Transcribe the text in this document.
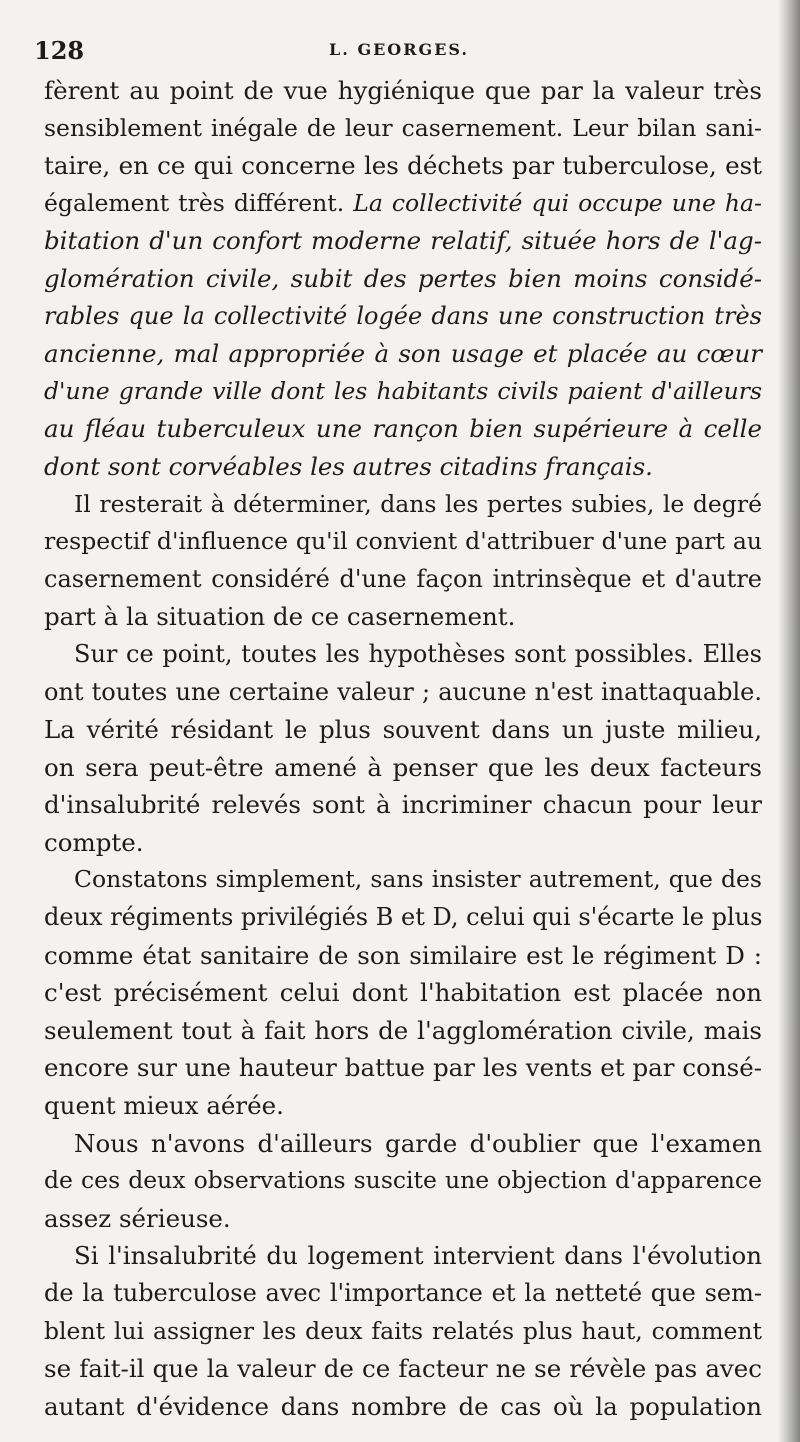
128	L. GEORGES.
fèrent au point de vue hygiénique que par la valeur très
sensiblement inégale de leur casernement. Leur bilan sani-
taire, en ce qui concerne les déchets par tuberculose, est
également très différent. La collectivité qui occupe une ha-
bitation d'un confort moderne relatif, située hors de l'ag-
glomération civile, subit des pertes bien moins considé-
rables que la collectivité logée dans une construction très
ancienne, mal appropriée à son usage et placée au cœur
d'une grande ville dont les habitants civils paient d'ailleurs
au fléau tuberculeux une rançon bien supérieure à celle
dont sont corvéables les autres citadins français.
Il resterait à déterminer, dans les pertes subies, le degré
respectif d'influence qu'il convient d'attribuer d'une part au
casernement considéré d'une façon intrinsèque et d'autre
part à la situation de ce casernement.
Sur ce point, toutes les hypothèses sont possibles. Elles
ont toutes une certaine valeur ; aucune n'est inattaquable.
La vérité résidant le plus souvent dans un juste milieu,
on sera peut-être amené à penser que les deux facteurs
d'insalubrité relevés sont à incriminer chacun pour leur
compte.
Constatons simplement, sans insister autrement, que des
deux régiments privilégiés B et D, celui qui s'écarte le plus
comme état sanitaire de son similaire est le régiment D :
c'est précisément celui dont l'habitation est placée non
seulement tout à fait hors de l'agglomération civile, mais
encore sur une hauteur battue par les vents et par consé-
quent mieux aérée.
Nous n'avons d'ailleurs garde d'oublier que l'examen
de ces deux observations suscite une objection d'apparence
assez sérieuse.
Si l'insalubrité du logement intervient dans l'évolution
de la tuberculose avec l'importance et la netteté que sem-
blent lui assigner les deux faits relatés plus haut, comment
se fait-il que la valeur de ce facteur ne se révèle pas avec
autant d'évidence dans nombre de cas où la population
